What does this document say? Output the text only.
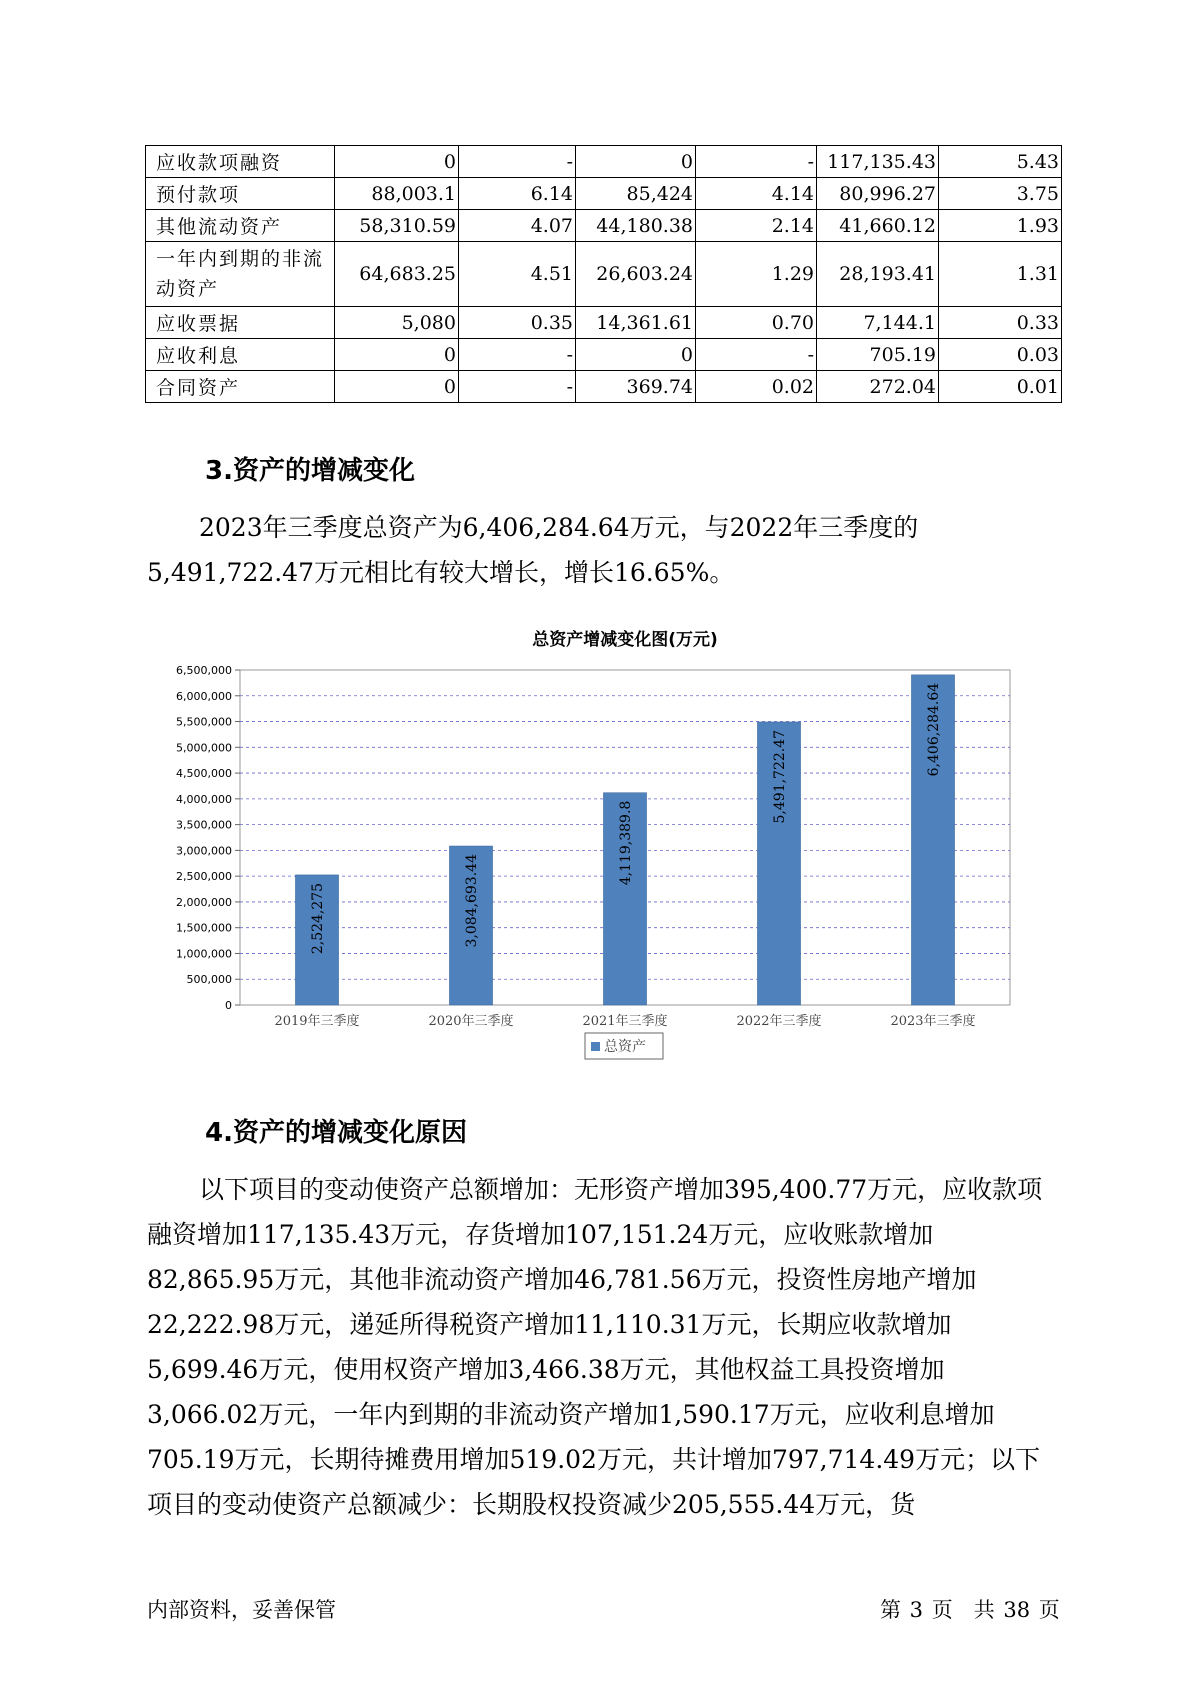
应收款项融资	0	-	0	-	117,135.43	5.43
预付款项	88,003.1	6.14	85,424	4.14	80,996.27	3.75
其他流动资产	58,310.59	4.07	44,180.38	2.14	41,660.12	1.93

一年内到期的非流
动资产	64,683.25	4.51	26,603.24	1.29	28,193.41	1.31
应收票据	5,080	0.35	14,361.61	0.70	7,144.1	0.33
应收利息	0	-	0	-	705.19	0.03
合同资产	0	-	369.74	0.02	272.04	0.01
3.资产的增减变化

2023年三季度总资产为6,406,284.64万元，与2022年三季度的5,491,722.47万元相比有较大增长，增长16.65%。

总资产增减变化图(万元)
0
500,000
1,000,000
1,500,000
2,000,000
2,500,000
3,000,000
3,500,000
4,000,000
4,500,000
5,000,000
5,500,000
6,000,000
6,500,000
2,524,275
2019年三季度
3,084,693.44
2020年三季度
4,119,389.8
2021年三季度
5,491,722.47
2022年三季度
6,406,284.64
2023年三季度
总资产
4.资产的增减变化原因

以下项目的变动使资产总额增加：无形资产增加395,400.77万元，应收款项融资增加117,135.43万元，存货增加107,151.24万元，应收账款增加82,865.95万元，其他非流动资产增加46,781.56万元，投资性房地产增加22,222.98万元，递延所得税资产增加11,110.31万元，长期应收款增加5,699.46万元，使用权资产增加3,466.38万元，其他权益工具投资增加3,066.02万元，一年内到期的非流动资产增加1,590.17万元，应收利息增加705.19万元，长期待摊费用增加519.02万元，共计增加797,714.49万元；以下项目的变动使资产总额减少：长期股权投资减少205,555.44万元，货

内部资料，妥善保管	第 3 页　共 38 页
